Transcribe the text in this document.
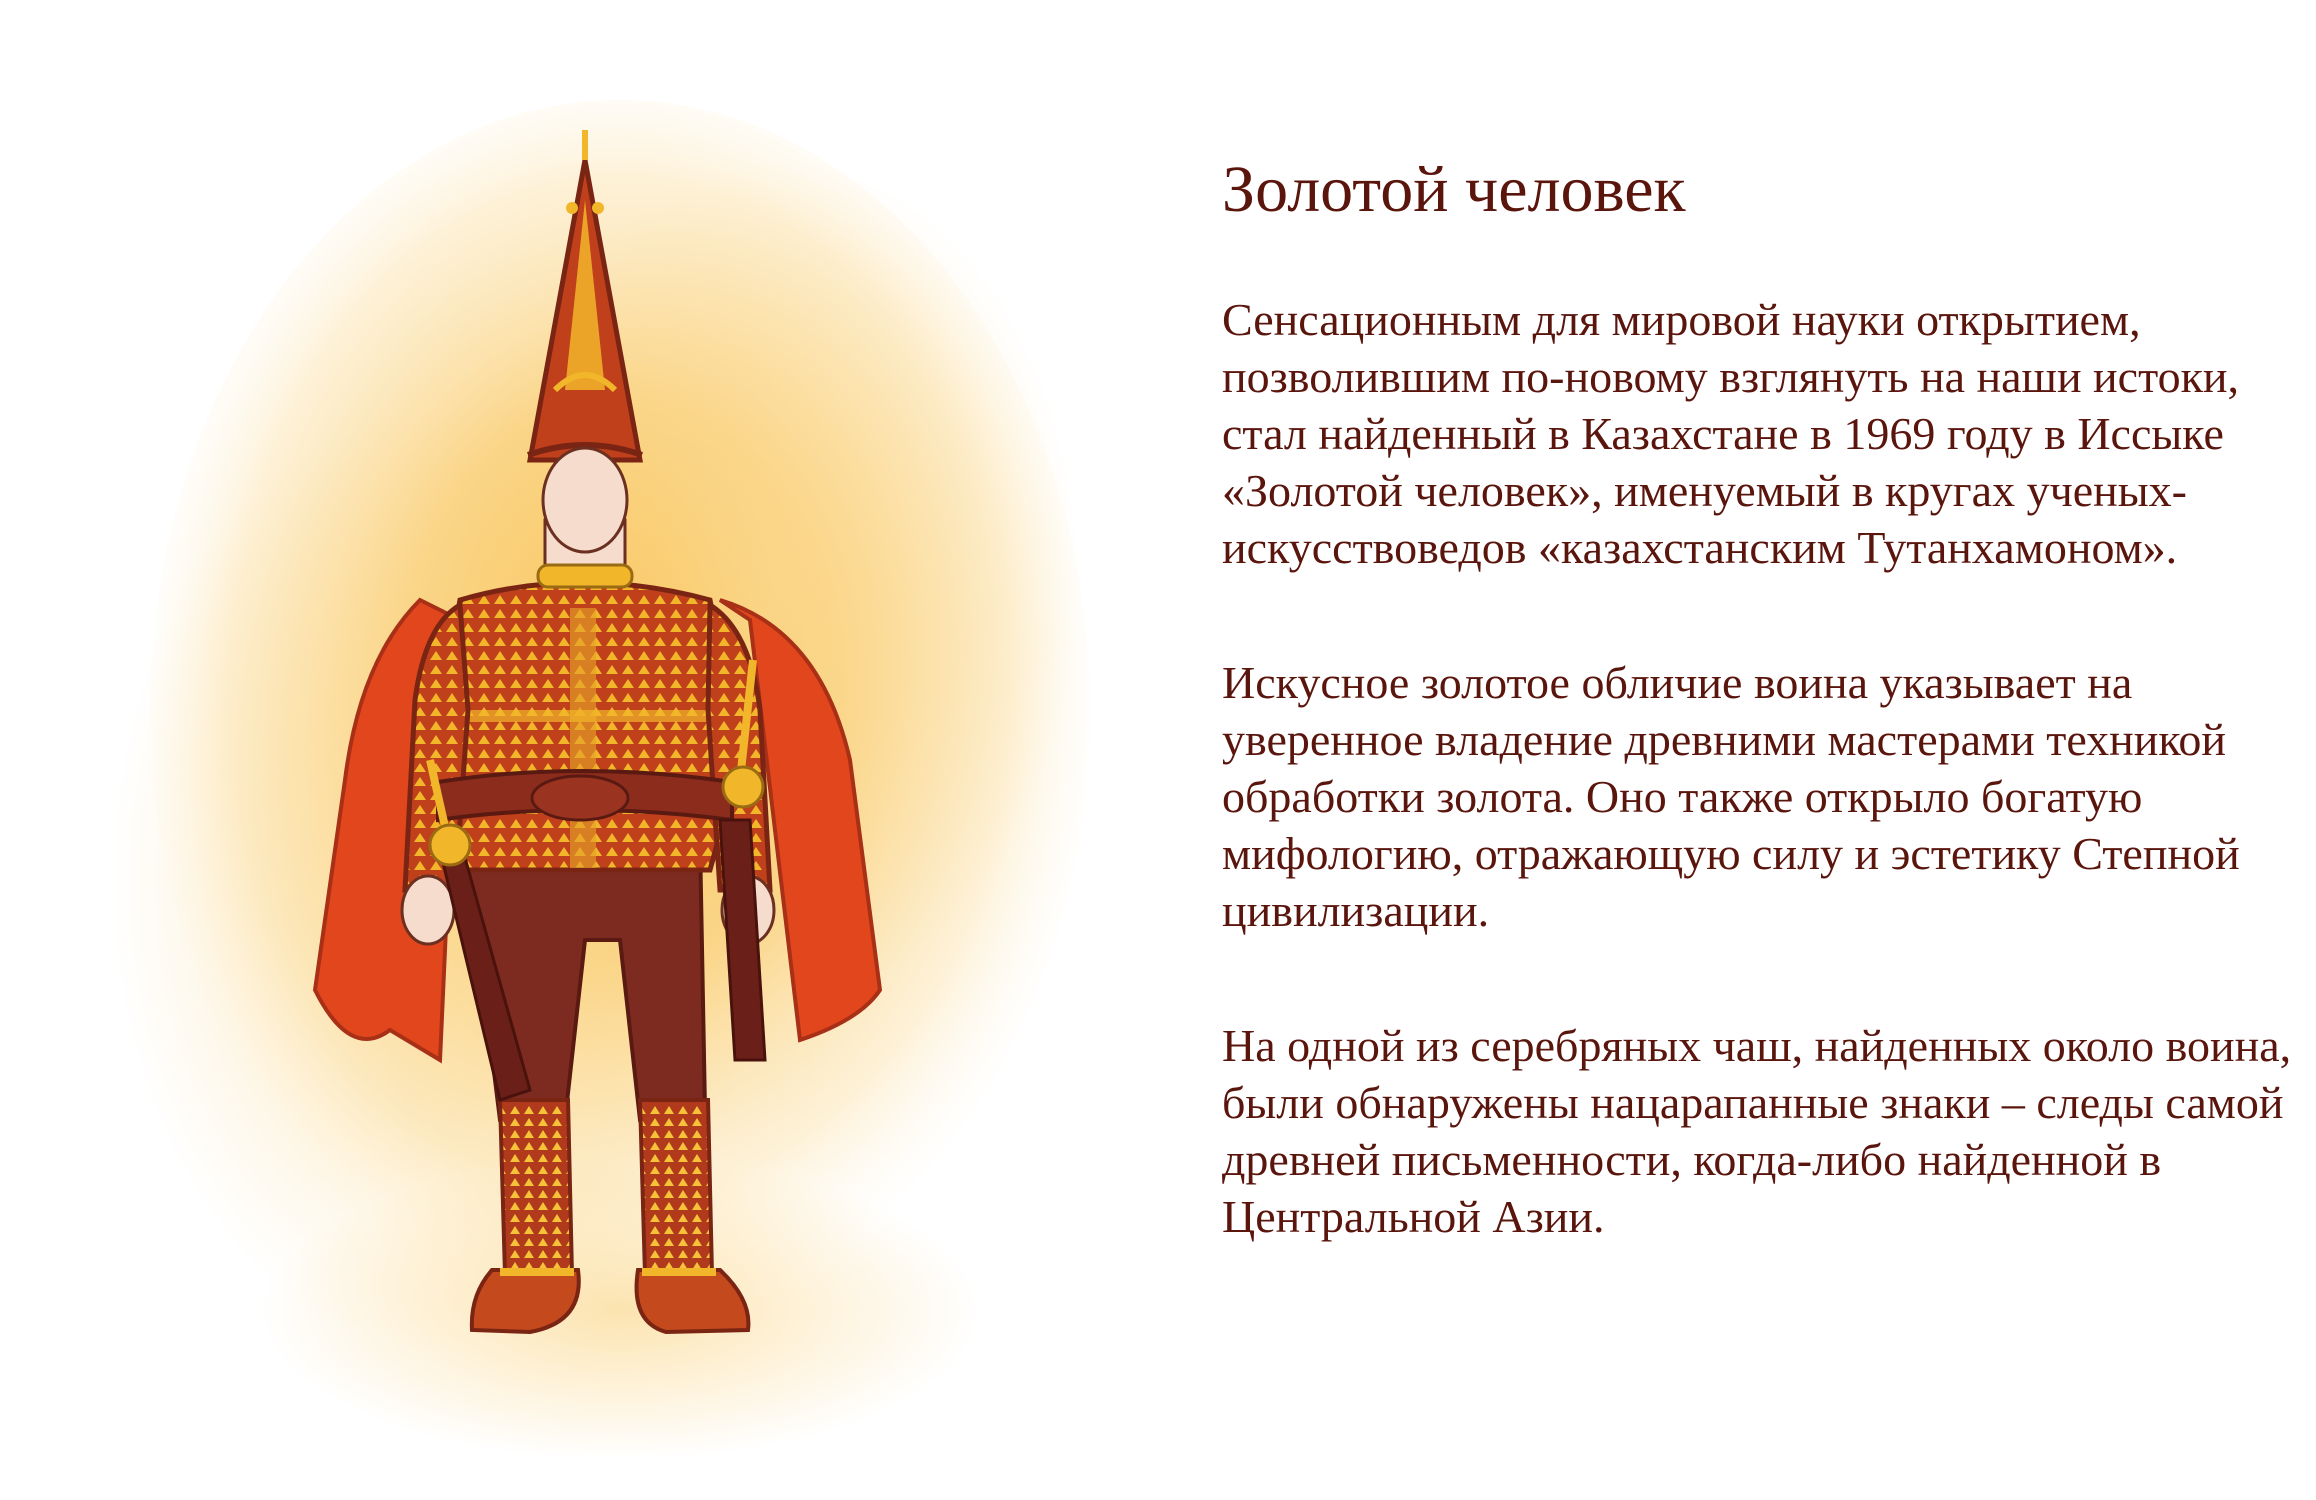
Золотой человек

Сенсационным для мировой науки открытием, позволившим по-новому взглянуть на наши истоки, стал найденный в Казахстане в 1969 году в Иссыке «Золотой человек», именуемый в кругах ученых-искусствоведов «казахстанским Тутанхамоном».

Искусное золотое обличие воина указывает на уверенное владение древними мастерами техникой обработки золота. Оно также открыло богатую мифологию, отражающую силу и эстетику Степной цивилизации.

На одной из серебряных чаш, найденных около воина, были обнаружены нацарапанные знаки – следы самой древней письменности, когда-либо найденной в Центральной Азии.
